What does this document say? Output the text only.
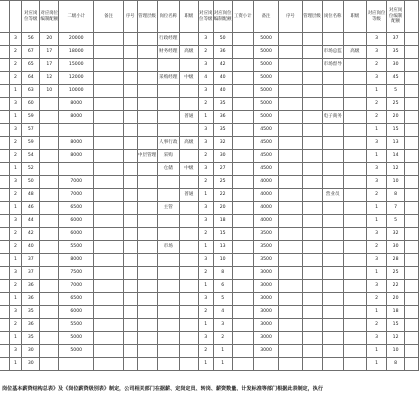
		对应岗位等级	对应岗位编制配额	二级小计	备注	序号	管理层级	岗位名称	职级	对应岗位等级	对应岗位编制配额	工资小计	备注	序号	管理层级	岗位名称	职级	对应岗位等级	对应岗位编制配额	
	3	56	20	20000				行政经理		3	50		5000					3	37	
	2	67	17	18000				财务经理	高级	2	36		5000			市场总监	高级	3	35	
	2	65	17	15000						3	42		5000			市场督导		2	30	
	2	64	12	12000				采购经理	中级	4	40		5000					3	45	
	1	63	10	10000						3	40		5000					1	5	
	3	60		8000						2	35		5000					2	25	
	1	59		8000					普通	1	36		5000			电子商务		2	20	
	3	57								3	35		4500					1	15	
	2	59		8000				人事行政	高级	3	32		4500					3	13	
	2	54		8000			中层管理	采购		2	30		4500					1	14	
	1	52						仓储	中级	3	27		4500					3	12	
	3	50		7000						2	25		4000					3	10	
	2	48		7000					普通	1	22		4000			营业员		2	8	
	1	46		6500				主管		3	20		4000					1	7	
	3	44		6000						3	18		4000					1	5	
	2	42		6000						2	15		3500					3	32	
	2	40		5500				市场		1	13		3500					2	30	
	1	37		8000						3	10		3500					3	28	
	3	37		7500						2	8		3000					1	25	
	2	36		7000						1	6		3000					3	22	
	1	36		6500						3	5		3000					2	20	
	3	35		6000						2	4		3000					1	18	
	2	36		5500						1	3		3000					2	15	
	1	35		5000						3	2		3000					3	12	
	3	30		5000						2	1		3000					1	10	
	1	30								1	1							1	8	
岗位基本薪资结构总表》及《岗位薪资级别表》制定，公司相关部门在据薪、定岗定员、转岗、薪资数量、计发标准等部门根据此表制定，执行
